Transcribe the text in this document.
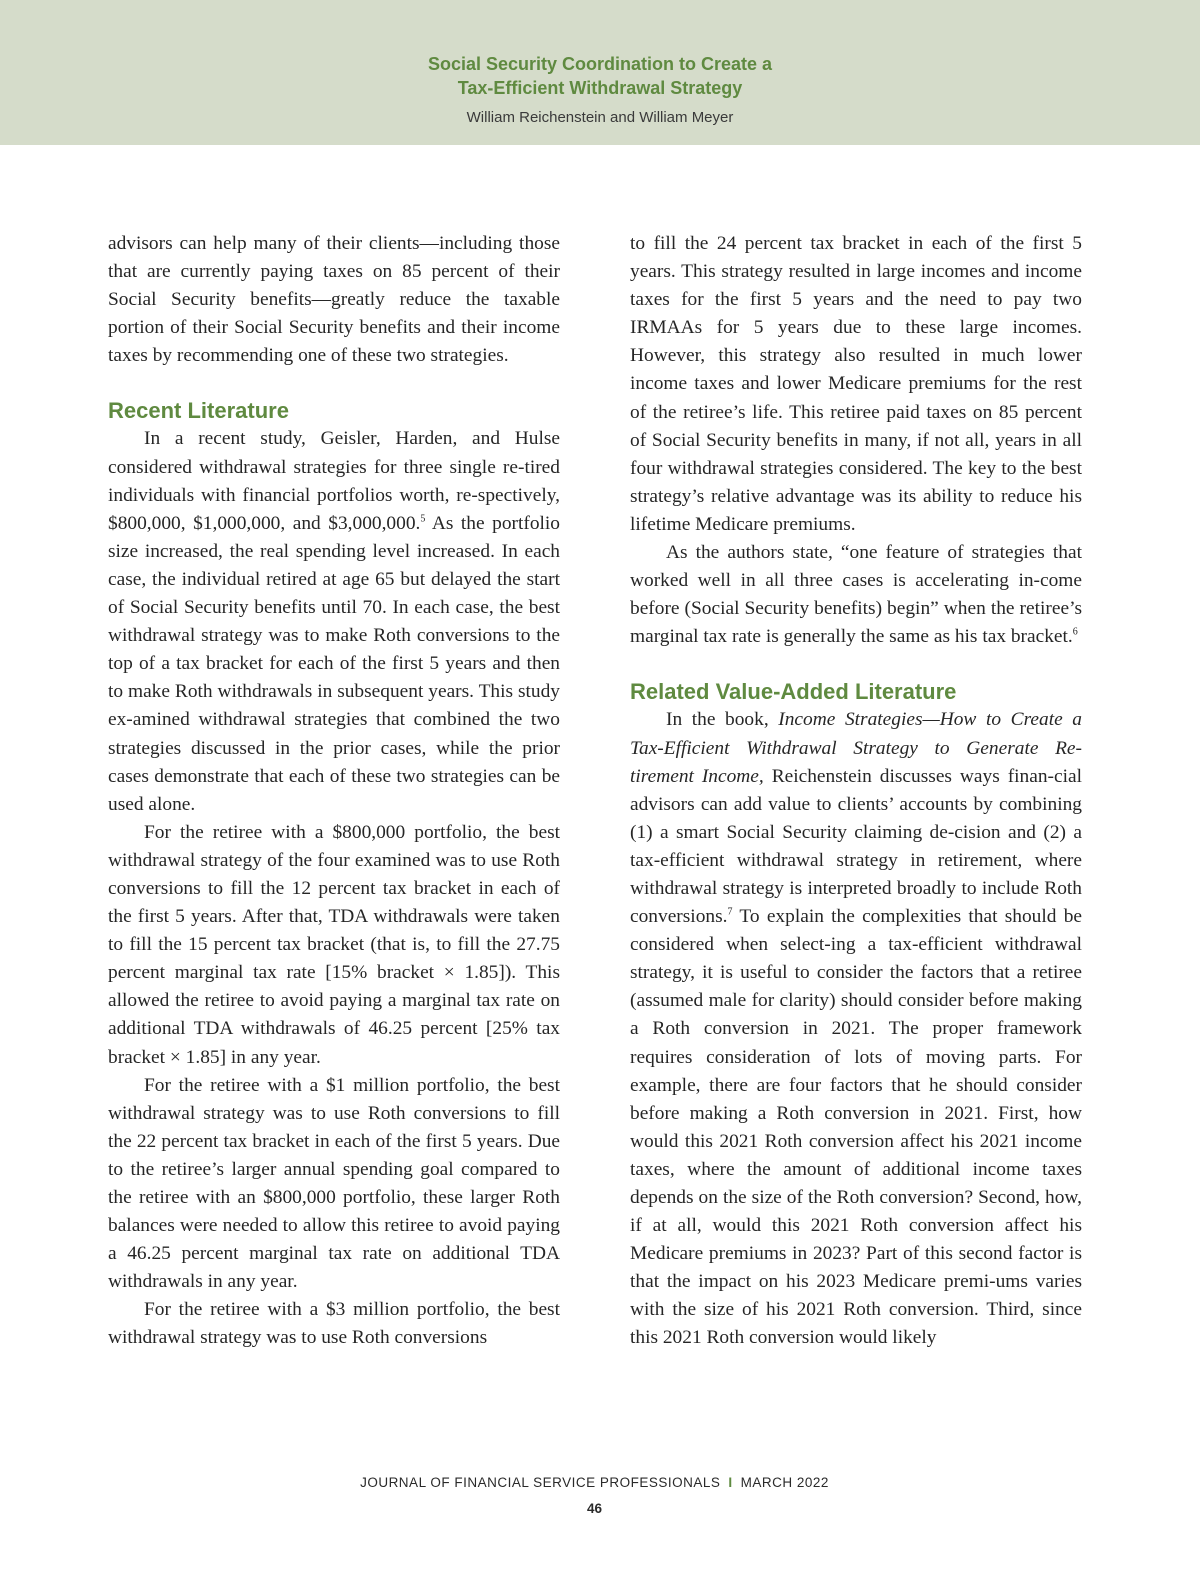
Social Security Coordination to Create a
Tax-Efficient Withdrawal Strategy
William Reichenstein and William Meyer

advisors can help many of their clients—including those that are currently paying taxes on 85 percent of their Social Security benefits—greatly reduce the taxable portion of their Social Security benefits and their income taxes by recommending one of these two strategies.

Recent Literature

In a recent study, Geisler, Harden, and Hulse considered withdrawal strategies for three single re-tired individuals with financial portfolios worth, re-spectively, $800,000, $1,000,000, and $3,000,000.$^5$ As the portfolio size increased, the real spending level increased. In each case, the individual retired at age 65 but delayed the start of Social Security benefits until 70. In each case, the best withdrawal strategy was to make Roth conversions to the top of a tax bracket for each of the first 5 years and then to make Roth withdrawals in subsequent years. This study ex-amined withdrawal strategies that combined the two strategies discussed in the prior cases, while the prior cases demonstrate that each of these two strategies can be used alone.

For the retiree with a $800,000 portfolio, the best withdrawal strategy of the four examined was to use Roth conversions to fill the 12 percent tax bracket in each of the first 5 years. After that, TDA withdrawals were taken to fill the 15 percent tax bracket (that is, to fill the 27.75 percent marginal tax rate [15% bracket × 1.85]). This allowed the retiree to avoid paying a marginal tax rate on additional TDA withdrawals of 46.25 percent [25% tax bracket × 1.85] in any year.

For the retiree with a $1 million portfolio, the best withdrawal strategy was to use Roth conversions to fill the 22 percent tax bracket in each of the first 5 years. Due to the retiree’s larger annual spending goal compared to the retiree with an $800,000 portfolio, these larger Roth balances were needed to allow this retiree to avoid paying a 46.25 percent marginal tax rate on additional TDA withdrawals in any year.

For the retiree with a $3 million portfolio, the best withdrawal strategy was to use Roth conversions

to fill the 24 percent tax bracket in each of the first 5 years. This strategy resulted in large incomes and income taxes for the first 5 years and the need to pay two IRMAAs for 5 years due to these large incomes. However, this strategy also resulted in much lower income taxes and lower Medicare premiums for the rest of the retiree’s life. This retiree paid taxes on 85 percent of Social Security benefits in many, if not all, years in all four withdrawal strategies considered. The key to the best strategy’s relative advantage was its ability to reduce his lifetime Medicare premiums.

As the authors state, “one feature of strategies that worked well in all three cases is accelerating in-come before (Social Security benefits) begin” when the retiree’s marginal tax rate is generally the same as his tax bracket.$^6$

Related Value-Added Literature

In the book, Income Strategies—How to Create a Tax-Efficient Withdrawal Strategy to Generate Re-tirement Income, Reichenstein discusses ways finan-cial advisors can add value to clients’ accounts by combining (1) a smart Social Security claiming de-cision and (2) a tax-efficient withdrawal strategy in retirement, where withdrawal strategy is interpreted broadly to include Roth conversions.$^7$ To explain the complexities that should be considered when select-ing a tax-efficient withdrawal strategy, it is useful to consider the factors that a retiree (assumed male for clarity) should consider before making a Roth conversion in 2021. The proper framework requires consideration of lots of moving parts. For example, there are four factors that he should consider before making a Roth conversion in 2021. First, how would this 2021 Roth conversion affect his 2021 income taxes, where the amount of additional income taxes depends on the size of the Roth conversion? Second, how, if at all, would this 2021 Roth conversion affect his Medicare premiums in 2023? Part of this second factor is that the impact on his 2023 Medicare premi-ums varies with the size of his 2021 Roth conversion. Third, since this 2021 Roth conversion would likely

JOURNAL OF FINANCIAL SERVICE PROFESSIONALS I MARCH 2022
46
